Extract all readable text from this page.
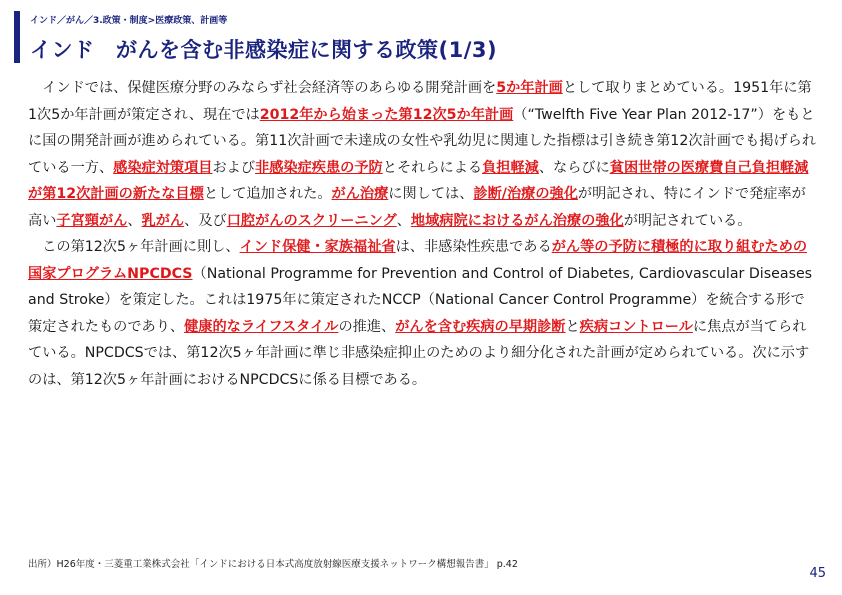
インド／がん／3.政策・制度>医療政策、計画等
インド　がんを含む非感染症に関する政策(1/3)

インドでは、保健医療分野のみならず社会経済等のあらゆる開発計画を5か年計画として取りまとめている。1951年に第1次5か年計画が策定され、現在では2012年から始まった第12次5か年計画（“Twelfth Five Year Plan 2012-17”）をもとに国の開発計画が進められている。第11次計画で未達成の女性や乳幼児に関連した指標は引き続き第12次計画でも掲げられている一方、感染症対策項目および非感染症疾患の予防とそれらによる負担軽減、ならびに貧困世帯の医療費自己負担軽減が第12次計画の新たな目標として追加された。がん治療に関しては、診断/治療の強化が明記され、特にインドで発症率が高い子宮頸がん、乳がん、及び口腔がんのスクリーニング、地域病院におけるがん治療の強化が明記されている。

この第12次5ヶ年計画に則し、インド保健・家族福祉省は、非感染性疾患であるがん等の予防に積極的に取り組むための国家プログラムNPCDCS（National Programme for Prevention and Control of Diabetes, Cardiovascular Diseases and Stroke）を策定した。これは1975年に策定されたNCCP（National Cancer Control Programme）を統合する形で策定されたものであり、健康的なライフスタイルの推進、がんを含む疾病の早期診断と疾病コントロールに焦点が当てられている。NPCDCSでは、第12次5ヶ年計画に準じ非感染症抑止のためのより細分化された計画が定められている。次に示すのは、第12次5ヶ年計画におけるNPCDCSに係る目標である。

出所）H26年度・三菱重工業株式会社「インドにおける日本式高度放射線医療支援ネットワーク構想報告書」 p.42
45
